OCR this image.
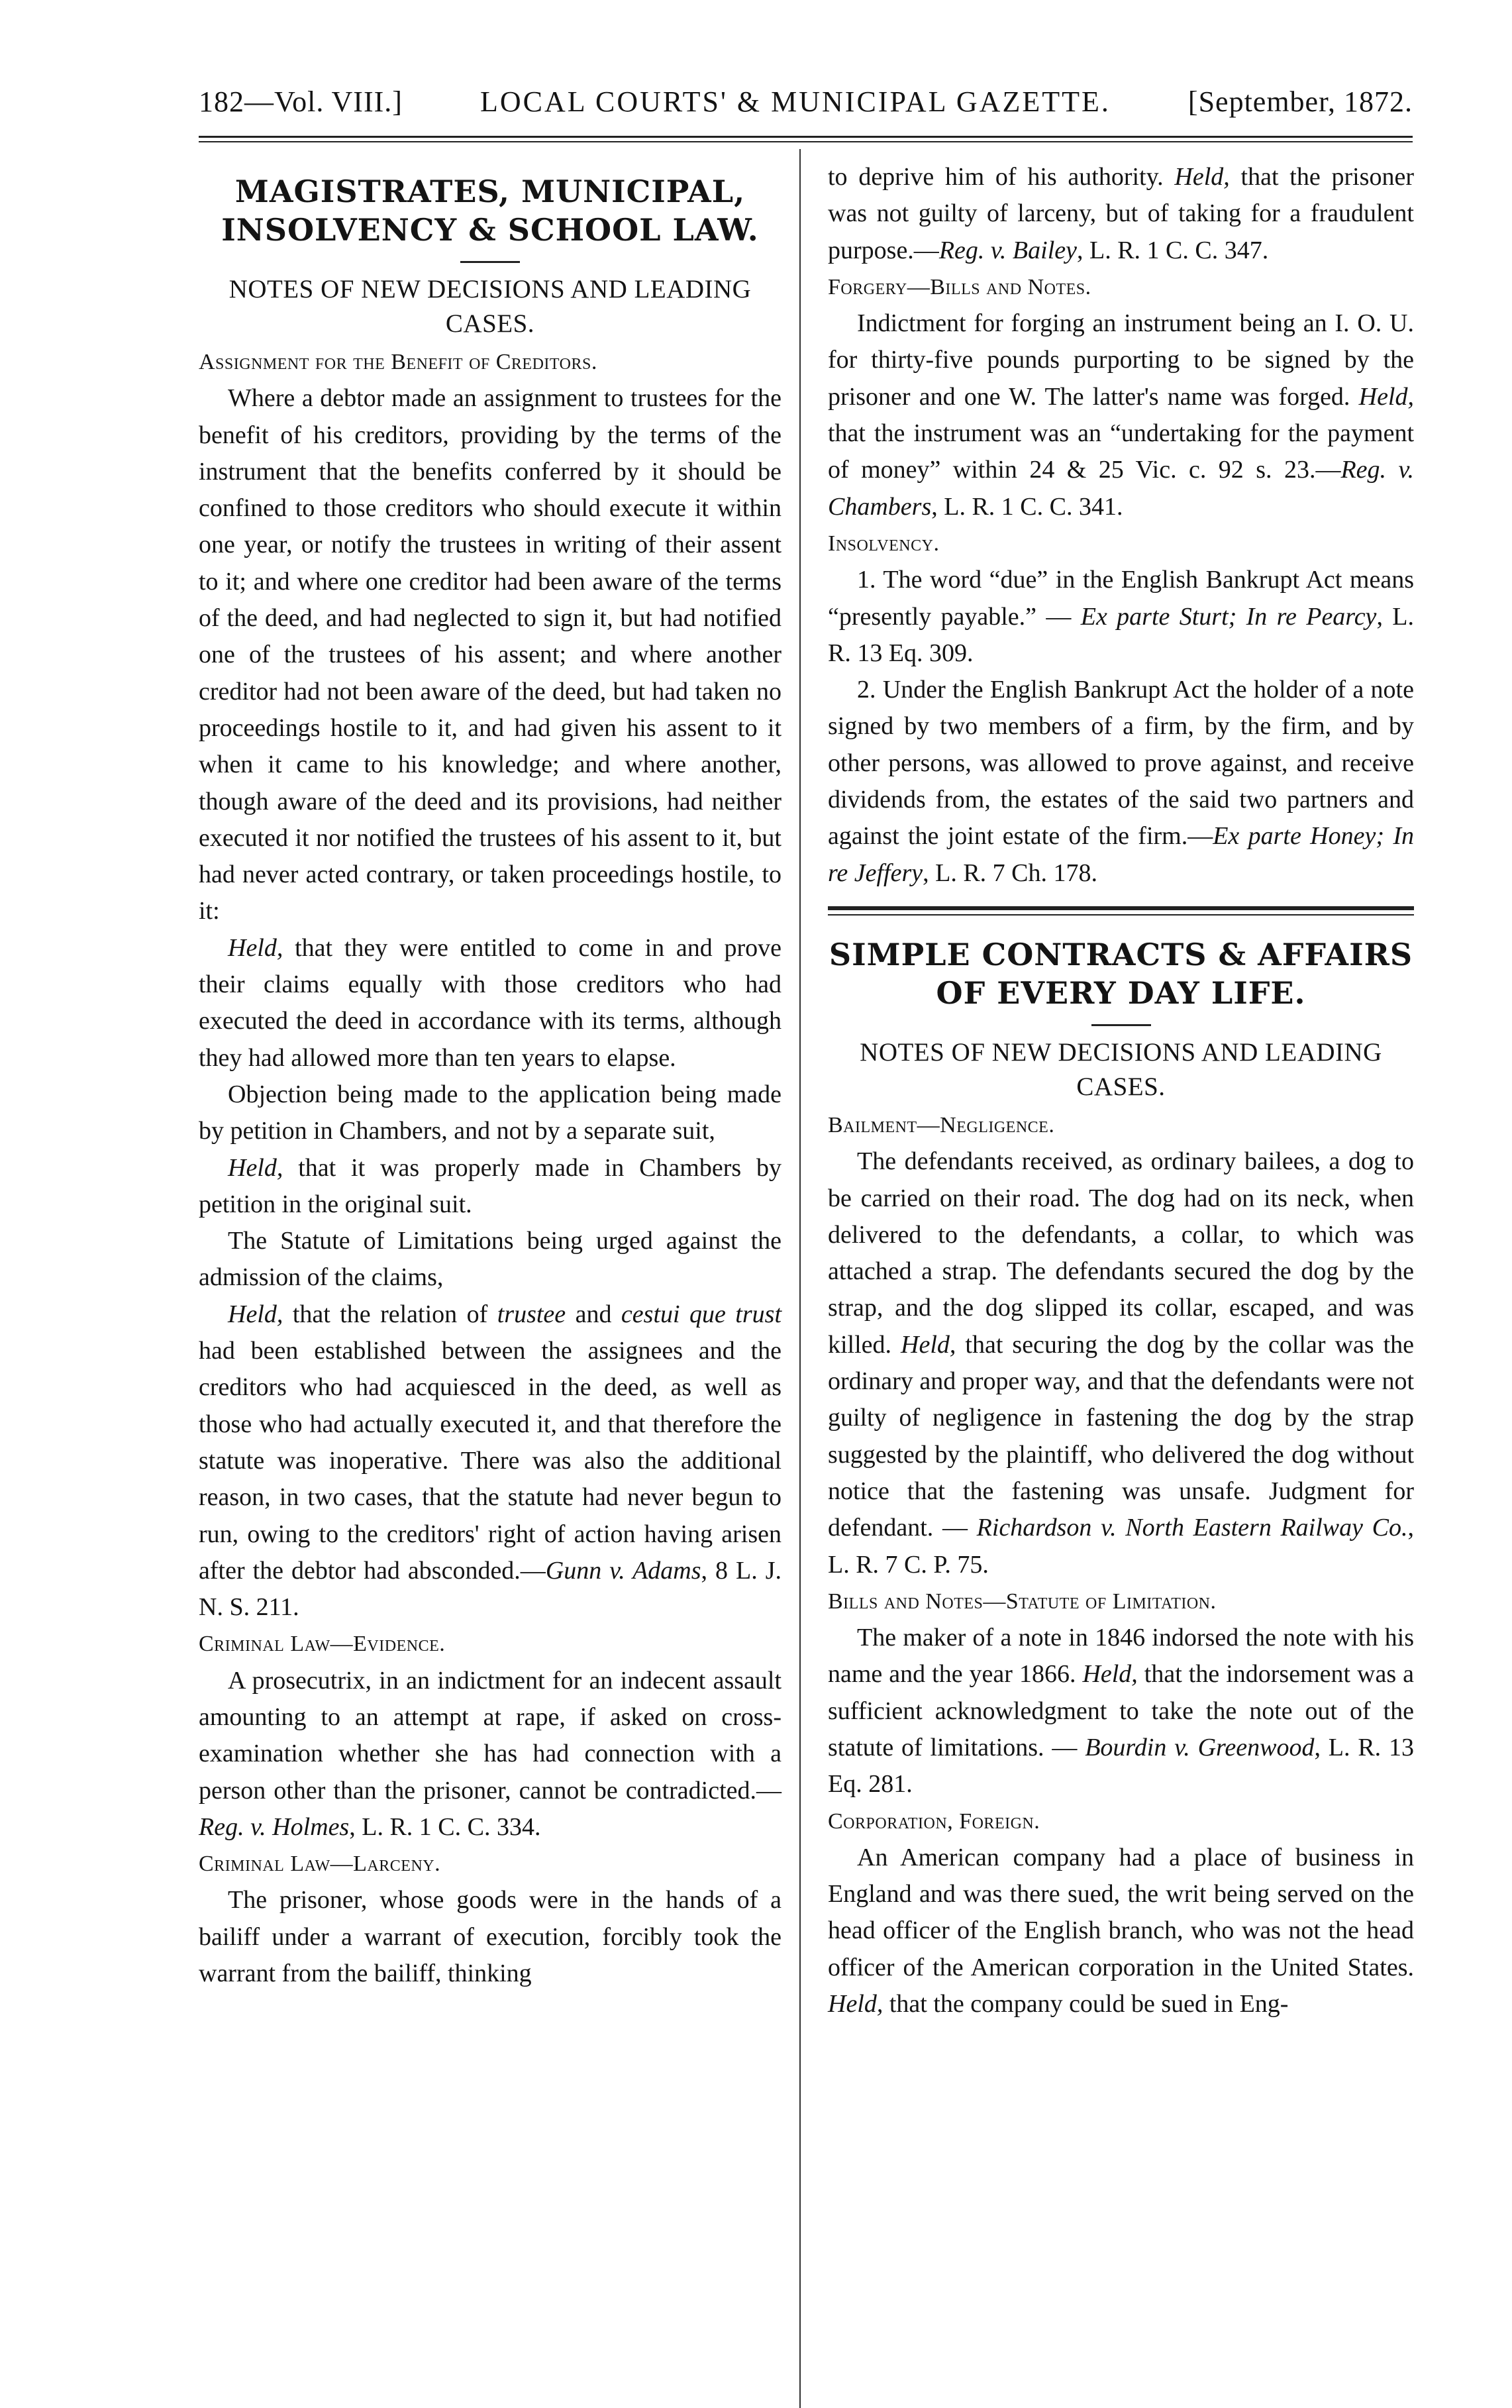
182—Vol. VIII.]	LOCAL COURTS' & MUNICIPAL GAZETTE.	[September, 1872.
MAGISTRATES, MUNICIPAL, INSOLVENCY & SCHOOL LAW.
NOTES OF NEW DECISIONS AND LEADING CASES.
Assignment for the Benefit of Creditors.

Where a debtor made an assignment to trustees for the benefit of his creditors, providing by the terms of the instrument that the benefits conferred by it should be confined to those creditors who should execute it within one year, or notify the trustees in writing of their assent to it; and where one creditor had been aware of the terms of the deed, and had neglected to sign it, but had notified one of the trustees of his assent; and where another creditor had not been aware of the deed, but had taken no proceedings hostile to it, and had given his assent to it when it came to his knowledge; and where another, though aware of the deed and its provisions, had neither executed it nor notified the trustees of his assent to it, but had never acted contrary, or taken proceedings hostile, to it:

Held, that they were entitled to come in and prove their claims equally with those creditors who had executed the deed in accordance with its terms, although they had allowed more than ten years to elapse.

Objection being made to the application being made by petition in Chambers, and not by a separate suit,

Held, that it was properly made in Chambers by petition in the original suit.

The Statute of Limitations being urged against the admission of the claims,

Held, that the relation of trustee and cestui que trust had been established between the assignees and the creditors who had acquiesced in the deed, as well as those who had actually executed it, and that therefore the statute was inoperative. There was also the additional reason, in two cases, that the statute had never begun to run, owing to the creditors' right of action having arisen after the debtor had absconded.—Gunn v. Adams, 8 L. J. N. S. 211.

Criminal Law—Evidence.

A prosecutrix, in an indictment for an indecent assault amounting to an attempt at rape, if asked on cross-examination whether she has had connection with a person other than the prisoner, cannot be contradicted.—Reg. v. Holmes, L. R. 1 C. C. 334.

Criminal Law—Larceny.

The prisoner, whose goods were in the hands of a bailiff under a warrant of execution, forcibly took the warrant from the bailiff, thinking

to deprive him of his authority. Held, that the prisoner was not guilty of larceny, but of taking for a fraudulent purpose.—Reg. v. Bailey, L. R. 1 C. C. 347.

Forgery—Bills and Notes.

Indictment for forging an instrument being an I. O. U. for thirty-five pounds purporting to be signed by the prisoner and one W. The latter's name was forged. Held, that the instrument was an “undertaking for the payment of money” within 24 & 25 Vic. c. 92 s. 23.—Reg. v. Chambers, L. R. 1 C. C. 341.

Insolvency.

1. The word “due” in the English Bankrupt Act means “presently payable.” — Ex parte Sturt; In re Pearcy, L. R. 13 Eq. 309.

2. Under the English Bankrupt Act the holder of a note signed by two members of a firm, by the firm, and by other persons, was allowed to prove against, and receive dividends from, the estates of the said two partners and against the joint estate of the firm.—Ex parte Honey; In re Jeffery, L. R. 7 Ch. 178.

SIMPLE CONTRACTS & AFFAIRS OF EVERY DAY LIFE.
NOTES OF NEW DECISIONS AND LEADING CASES.
Bailment—Negligence.

The defendants received, as ordinary bailees, a dog to be carried on their road. The dog had on its neck, when delivered to the defendants, a collar, to which was attached a strap. The defendants secured the dog by the strap, and the dog slipped its collar, escaped, and was killed. Held, that securing the dog by the collar was the ordinary and proper way, and that the defendants were not guilty of negligence in fastening the dog by the strap suggested by the plaintiff, who delivered the dog without notice that the fastening was unsafe. Judgment for defendant. — Richardson v. North Eastern Railway Co., L. R. 7 C. P. 75.

Bills and Notes—Statute of Limitation.

The maker of a note in 1846 indorsed the note with his name and the year 1866. Held, that the indorsement was a sufficient acknowledgment to take the note out of the statute of limitations. — Bourdin v. Greenwood, L. R. 13 Eq. 281.

Corporation, Foreign.

An American company had a place of business in England and was there sued, the writ being served on the head officer of the English branch, who was not the head officer of the American corporation in the United States. Held, that the company could be sued in Eng-
